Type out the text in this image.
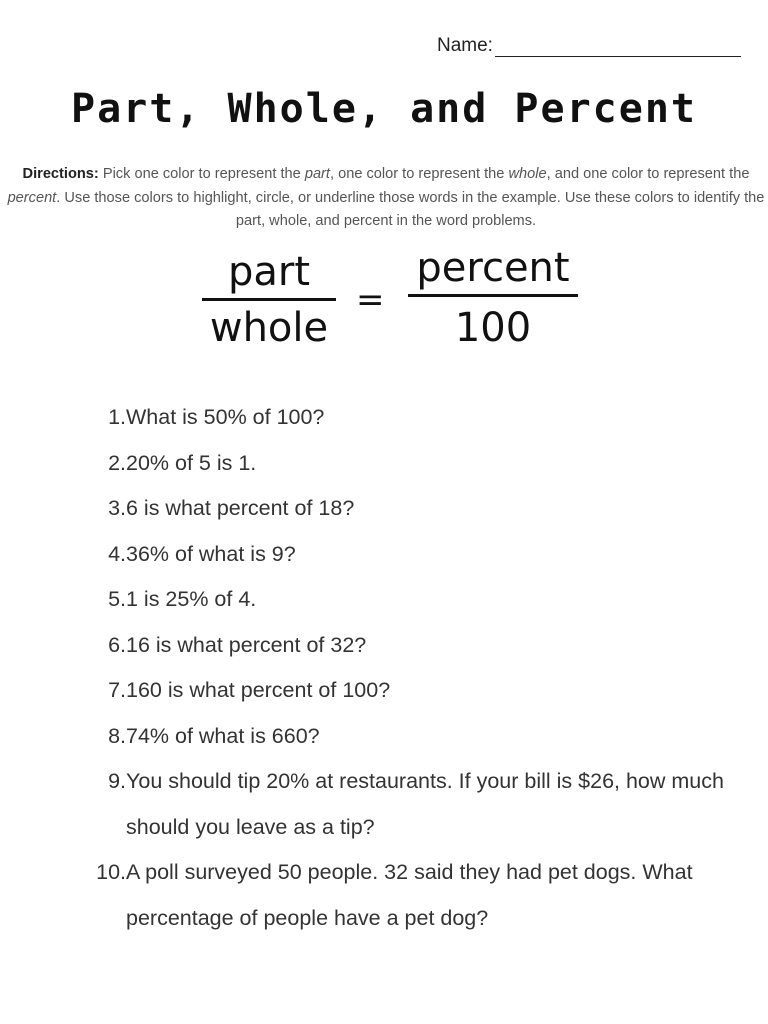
Name:
Part, Whole, and Percent
Directions: Pick one color to represent the part, one color to represent the whole, and one color to represent the percent. Use those colors to highlight, circle, or underline those words in the example. Use these colors to identify the part, whole, and percent in the word problems.
part
whole
=
percent
100
1. What is 50% of 100?
2. 20% of 5 is 1.
3. 6 is what percent of 18?
4. 36% of what is 9?
5. 1 is 25% of 4.
6. 16 is what percent of 32?
7. 160 is what percent of 100?
8. 74% of what is 660?
9. You should tip 20% at restaurants. If your bill is $26, how much should you leave as a tip?
10. A poll surveyed 50 people. 32 said they had pet dogs. What percentage of people have a pet dog?
